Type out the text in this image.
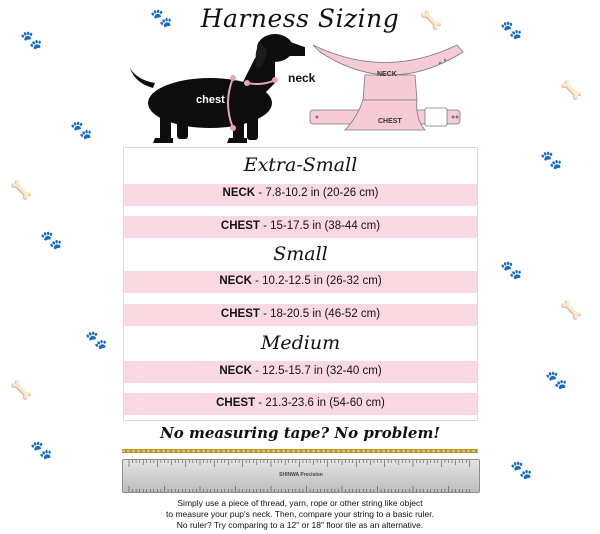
🐾
🐾
🐾
🐾
🐾
🐾
🐾
🐾
🐾
🐾
🐾	🦴
🦴
🦴
🦴
🦴
Harness Sizing
chest
neck	NECK
CHEST
Extra-Small
NECK - 7.8-10.2 in (20-26 cm)
CHEST - 15-17.5 in (38-44 cm)
Small
NECK - 10.2-12.5 in (26-32 cm)
CHEST - 18-20.5 in (46-52 cm)
Medium
NECK - 12.5-15.7 in (32-40 cm)
CHEST - 21.3-23.6 in (54-60 cm)
No measuring tape? No problem!
SHINWA Precision
Simply use a piece of thread, yarn, rope or other string like object
to measure your pup's neck. Then, compare your string to a basic ruler.
No ruler? Try comparing to a 12" or 18" floor tile as an alternative.
